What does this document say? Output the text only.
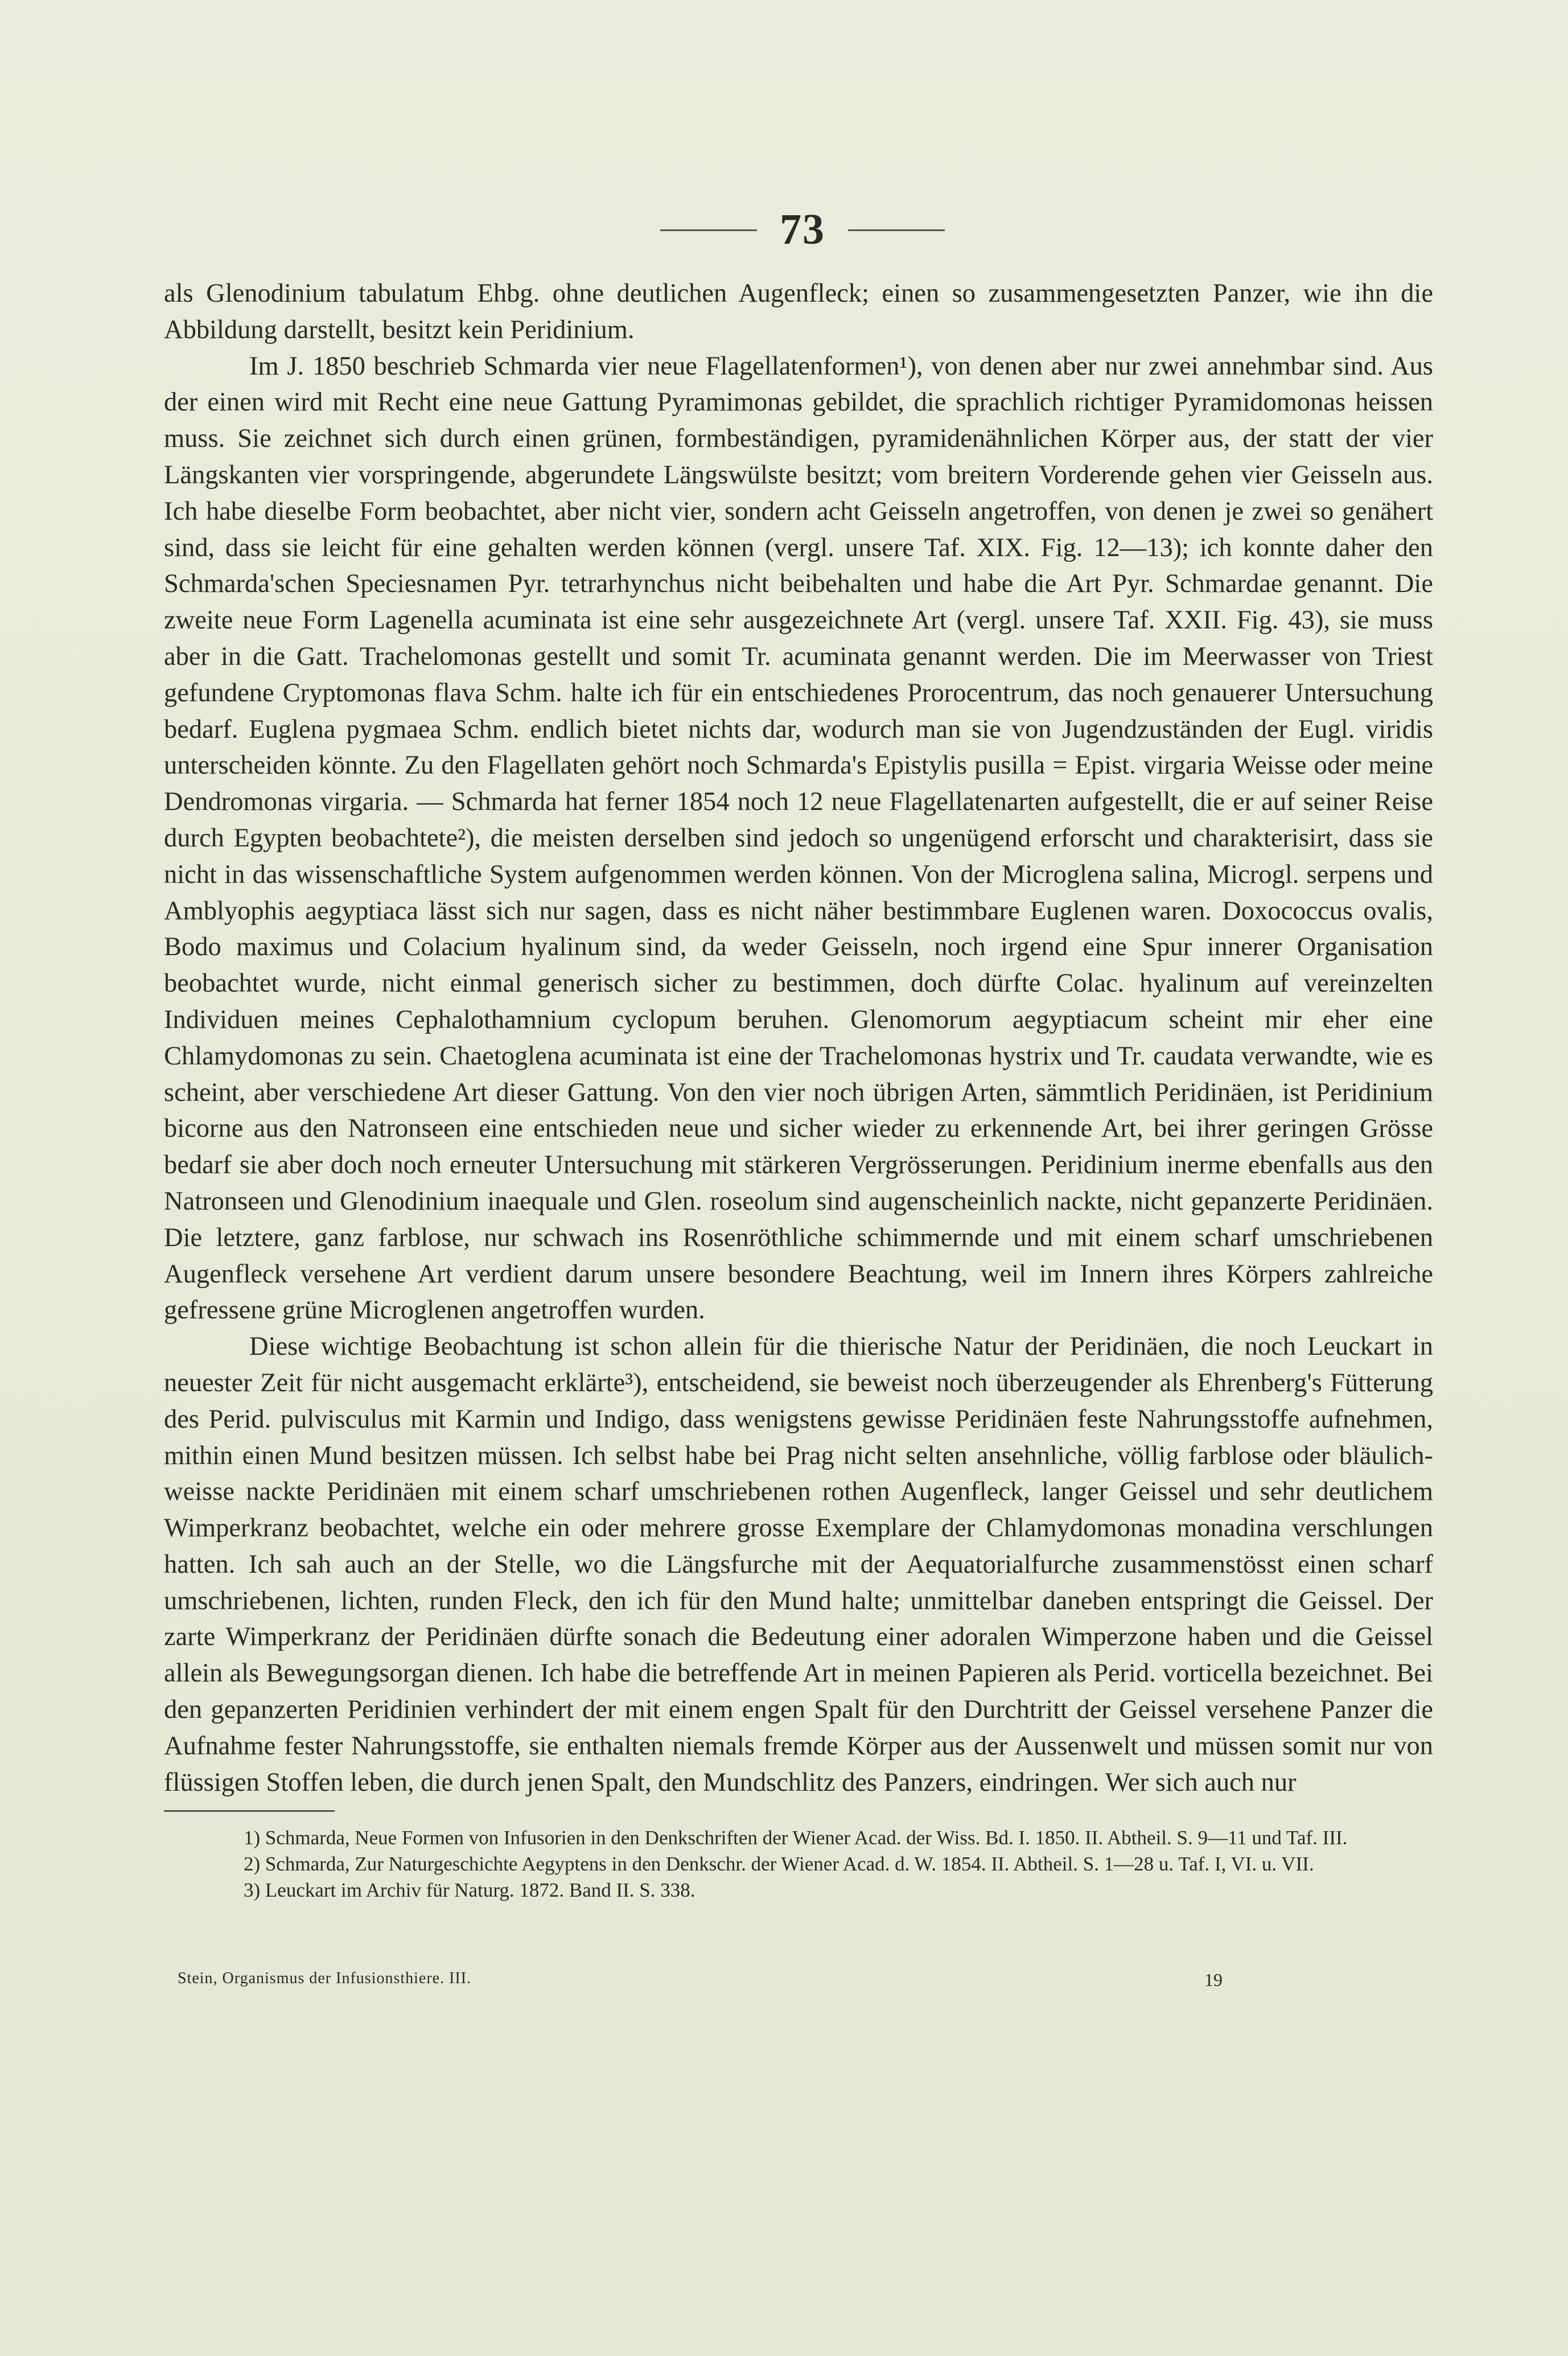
73

als Glenodinium tabulatum Ehbg. ohne deutlichen Augenfleck; einen so zusammengesetzten Panzer, wie ihn die Abbildung darstellt, besitzt kein Peridinium.

Im J. 1850 beschrieb Schmarda vier neue Flagellatenformen¹), von denen aber nur zwei annehmbar sind. Aus der einen wird mit Recht eine neue Gattung Pyramimonas gebildet, die sprachlich richtiger Pyramidomonas heissen muss. Sie zeichnet sich durch einen grünen, formbeständigen, pyramidenähnlichen Körper aus, der statt der vier Längskanten vier vorspringende, abgerundete Längswülste besitzt; vom breitern Vorderende gehen vier Geisseln aus. Ich habe dieselbe Form beobachtet, aber nicht vier, sondern acht Geisseln angetroffen, von denen je zwei so genähert sind, dass sie leicht für eine gehalten werden können (vergl. unsere Taf. XIX. Fig. 12—13); ich konnte daher den Schmarda'schen Speciesnamen Pyr. tetrarhynchus nicht beibehalten und habe die Art Pyr. Schmardae genannt. Die zweite neue Form Lagenella acuminata ist eine sehr ausgezeichnete Art (vergl. unsere Taf. XXII. Fig. 43), sie muss aber in die Gatt. Trachelomonas gestellt und somit Tr. acuminata genannt werden. Die im Meerwasser von Triest gefundene Cryptomonas flava Schm. halte ich für ein entschiedenes Prorocentrum, das noch genauerer Untersuchung bedarf. Euglena pygmaea Schm. endlich bietet nichts dar, wodurch man sie von Jugendzuständen der Eugl. viridis unterscheiden könnte. Zu den Flagellaten gehört noch Schmarda's Epistylis pusilla = Epist. virgaria Weisse oder meine Dendromonas virgaria. — Schmarda hat ferner 1854 noch 12 neue Flagellatenarten aufgestellt, die er auf seiner Reise durch Egypten beobachtete²), die meisten derselben sind jedoch so ungenügend erforscht und charakterisirt, dass sie nicht in das wissenschaftliche System aufgenommen werden können. Von der Microglena salina, Microgl. serpens und Amblyophis aegyptiaca lässt sich nur sagen, dass es nicht näher bestimmbare Euglenen waren. Doxococcus ovalis, Bodo maximus und Colacium hyalinum sind, da weder Geisseln, noch irgend eine Spur innerer Organisation beobachtet wurde, nicht einmal generisch sicher zu bestimmen, doch dürfte Colac. hyalinum auf vereinzelten Individuen meines Cephalothamnium cyclopum beruhen. Glenomorum aegyptiacum scheint mir eher eine Chlamydomonas zu sein. Chaetoglena acuminata ist eine der Trachelomonas hystrix und Tr. caudata verwandte, wie es scheint, aber verschiedene Art dieser Gattung. Von den vier noch übrigen Arten, sämmtlich Peridinäen, ist Peridinium bicorne aus den Natronseen eine entschieden neue und sicher wieder zu erkennende Art, bei ihrer geringen Grösse bedarf sie aber doch noch erneuter Untersuchung mit stärkeren Vergrösserungen. Peridinium inerme ebenfalls aus den Natronseen und Glenodinium inaequale und Glen. roseolum sind augenscheinlich nackte, nicht gepanzerte Peridinäen. Die letztere, ganz farblose, nur schwach ins Rosenröthliche schimmernde und mit einem scharf umschriebenen Augenfleck versehene Art verdient darum unsere besondere Beachtung, weil im Innern ihres Körpers zahlreiche gefressene grüne Microglenen angetroffen wurden.

Diese wichtige Beobachtung ist schon allein für die thierische Natur der Peridinäen, die noch Leuckart in neuester Zeit für nicht ausgemacht erklärte³), entscheidend, sie beweist noch überzeugender als Ehrenberg's Fütterung des Perid. pulvisculus mit Karmin und Indigo, dass wenigstens gewisse Peridinäen feste Nahrungsstoffe aufnehmen, mithin einen Mund besitzen müssen. Ich selbst habe bei Prag nicht selten ansehnliche, völlig farblose oder bläulich-weisse nackte Peridinäen mit einem scharf umschriebenen rothen Augenfleck, langer Geissel und sehr deutlichem Wimperkranz beobachtet, welche ein oder mehrere grosse Exemplare der Chlamydomonas monadina verschlungen hatten. Ich sah auch an der Stelle, wo die Längsfurche mit der Aequatorialfurche zusammenstösst einen scharf umschriebenen, lichten, runden Fleck, den ich für den Mund halte; unmittelbar daneben entspringt die Geissel. Der zarte Wimperkranz der Peridinäen dürfte sonach die Bedeutung einer adoralen Wimperzone haben und die Geissel allein als Bewegungsorgan dienen. Ich habe die betreffende Art in meinen Papieren als Perid. vorticella bezeichnet. Bei den gepanzerten Peridinien verhindert der mit einem engen Spalt für den Durchtritt der Geissel versehene Panzer die Aufnahme fester Nahrungsstoffe, sie enthalten niemals fremde Körper aus der Aussenwelt und müssen somit nur von flüssigen Stoffen leben, die durch jenen Spalt, den Mundschlitz des Panzers, eindringen. Wer sich auch nur

1) Schmarda, Neue Formen von Infusorien in den Denkschriften der Wiener Acad. der Wiss. Bd. I. 1850. II. Abtheil. S. 9—11 und Taf. III.

2) Schmarda, Zur Naturgeschichte Aegyptens in den Denkschr. der Wiener Acad. d. W. 1854. II. Abtheil. S. 1—28 u. Taf. I, VI. u. VII.

3) Leuckart im Archiv für Naturg. 1872. Band II. S. 338.

Stein, Organismus der Infusionsthiere. III.	19
